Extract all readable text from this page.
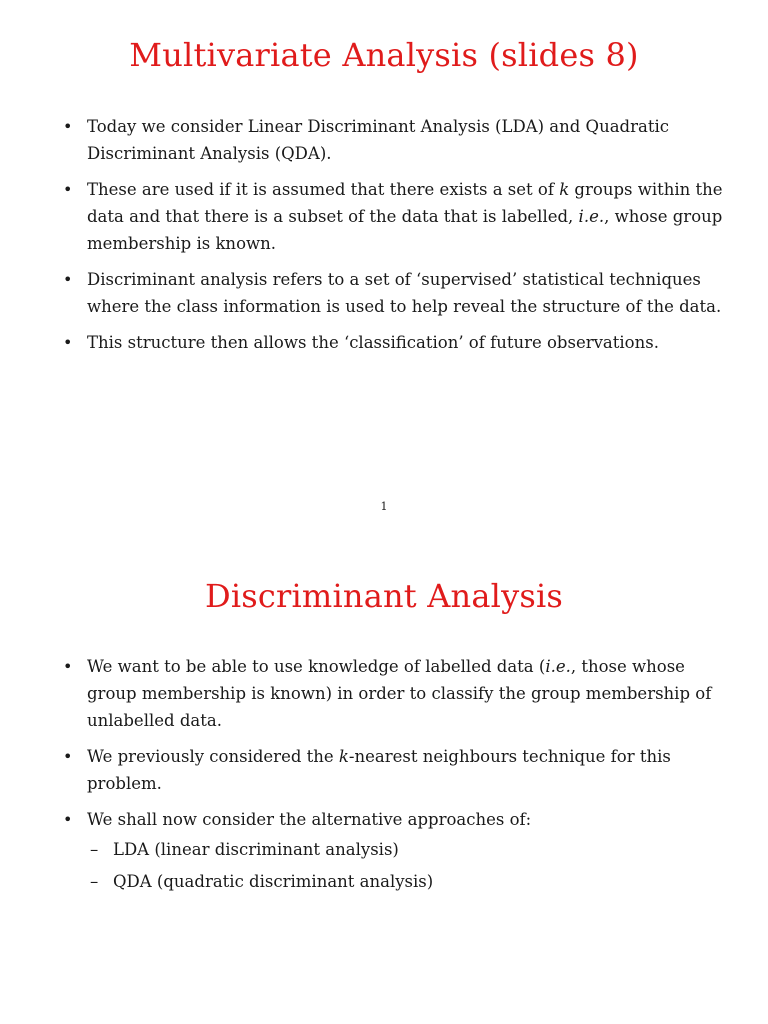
Multivariate Analysis (slides 8)
• Today we consider Linear Discriminant Analysis (LDA) and Quadratic Discriminant Analysis (QDA).
• These are used if it is assumed that there exists a set of k groups within the data and that there is a subset of the data that is labelled, i.e., whose group membership is known.
• Discriminant analysis refers to a set of ‘supervised’ statistical techniques where the class information is used to help reveal the structure of the data.
• This structure then allows the ‘classification’ of future observations.
1
Discriminant Analysis
• We want to be able to use knowledge of labelled data (i.e., those whose group membership is known) in order to classify the group membership of unlabelled data.
• We previously considered the k-nearest neighbours technique for this problem.
• We shall now consider the alternative approaches of:
– LDA (linear discriminant analysis)
– QDA (quadratic discriminant analysis)
